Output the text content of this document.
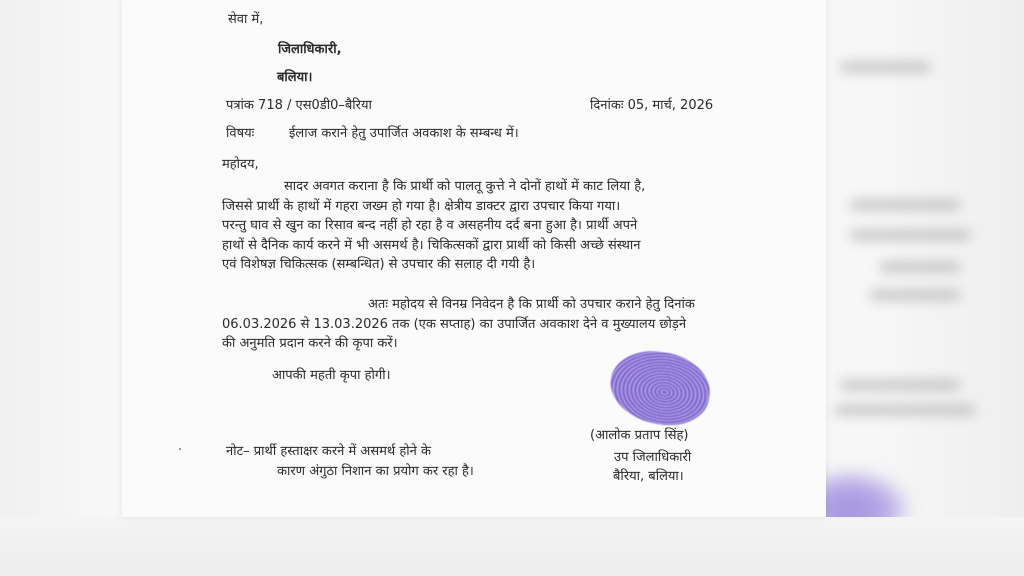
सेवा में,
जिलाधिकारी,
बलिया।
पत्रांक 718 / एस0डी0–बैरिया	दिनांकः 05, मार्च, 2026
विषयः	ईलाज कराने हेतु उपार्जित अवकाश के सम्बन्ध में।
महोदय,
सादर अवगत कराना है कि प्रार्थी को पालतू कुत्ते ने दोनों हाथों में काट लिया है,
जिससे प्रार्थी के हाथों में गहरा जख्म हो गया है। क्षेत्रीय डाक्टर द्वारा उपचार किया गया।
परन्तु घाव से खुन का रिसाव बन्द नहीं हो रहा है व असहनीय दर्द बना हुआ है। प्रार्थी अपने
हाथों से दैनिक कार्य करने में भी असमर्थ है। चिकित्सकों द्वारा प्रार्थी को किसी अच्छे संस्थान
एवं विशेषज्ञ चिकित्सक (सम्बन्धित) से उपचार की सलाह दी गयी है।
अतः महोदय से विनम्र निवेदन है कि प्रार्थी को उपचार कराने हेतु दिनांक
06.03.2026 से 13.03.2026 तक (एक सप्ताह) का उपार्जित अवकाश देने व मुख्यालय छोड़ने
की अनुमति प्रदान करने की कृपा करें।
आपकी महती कृपा होगी।
(आलोक प्रताप सिंह)
उप जिलाधिकारी
बैरिया, बलिया।
नोट– प्रार्थी हस्ताक्षर करने में असमर्थ होने के
कारण अंगुठा निशान का प्रयोग कर रहा है।
